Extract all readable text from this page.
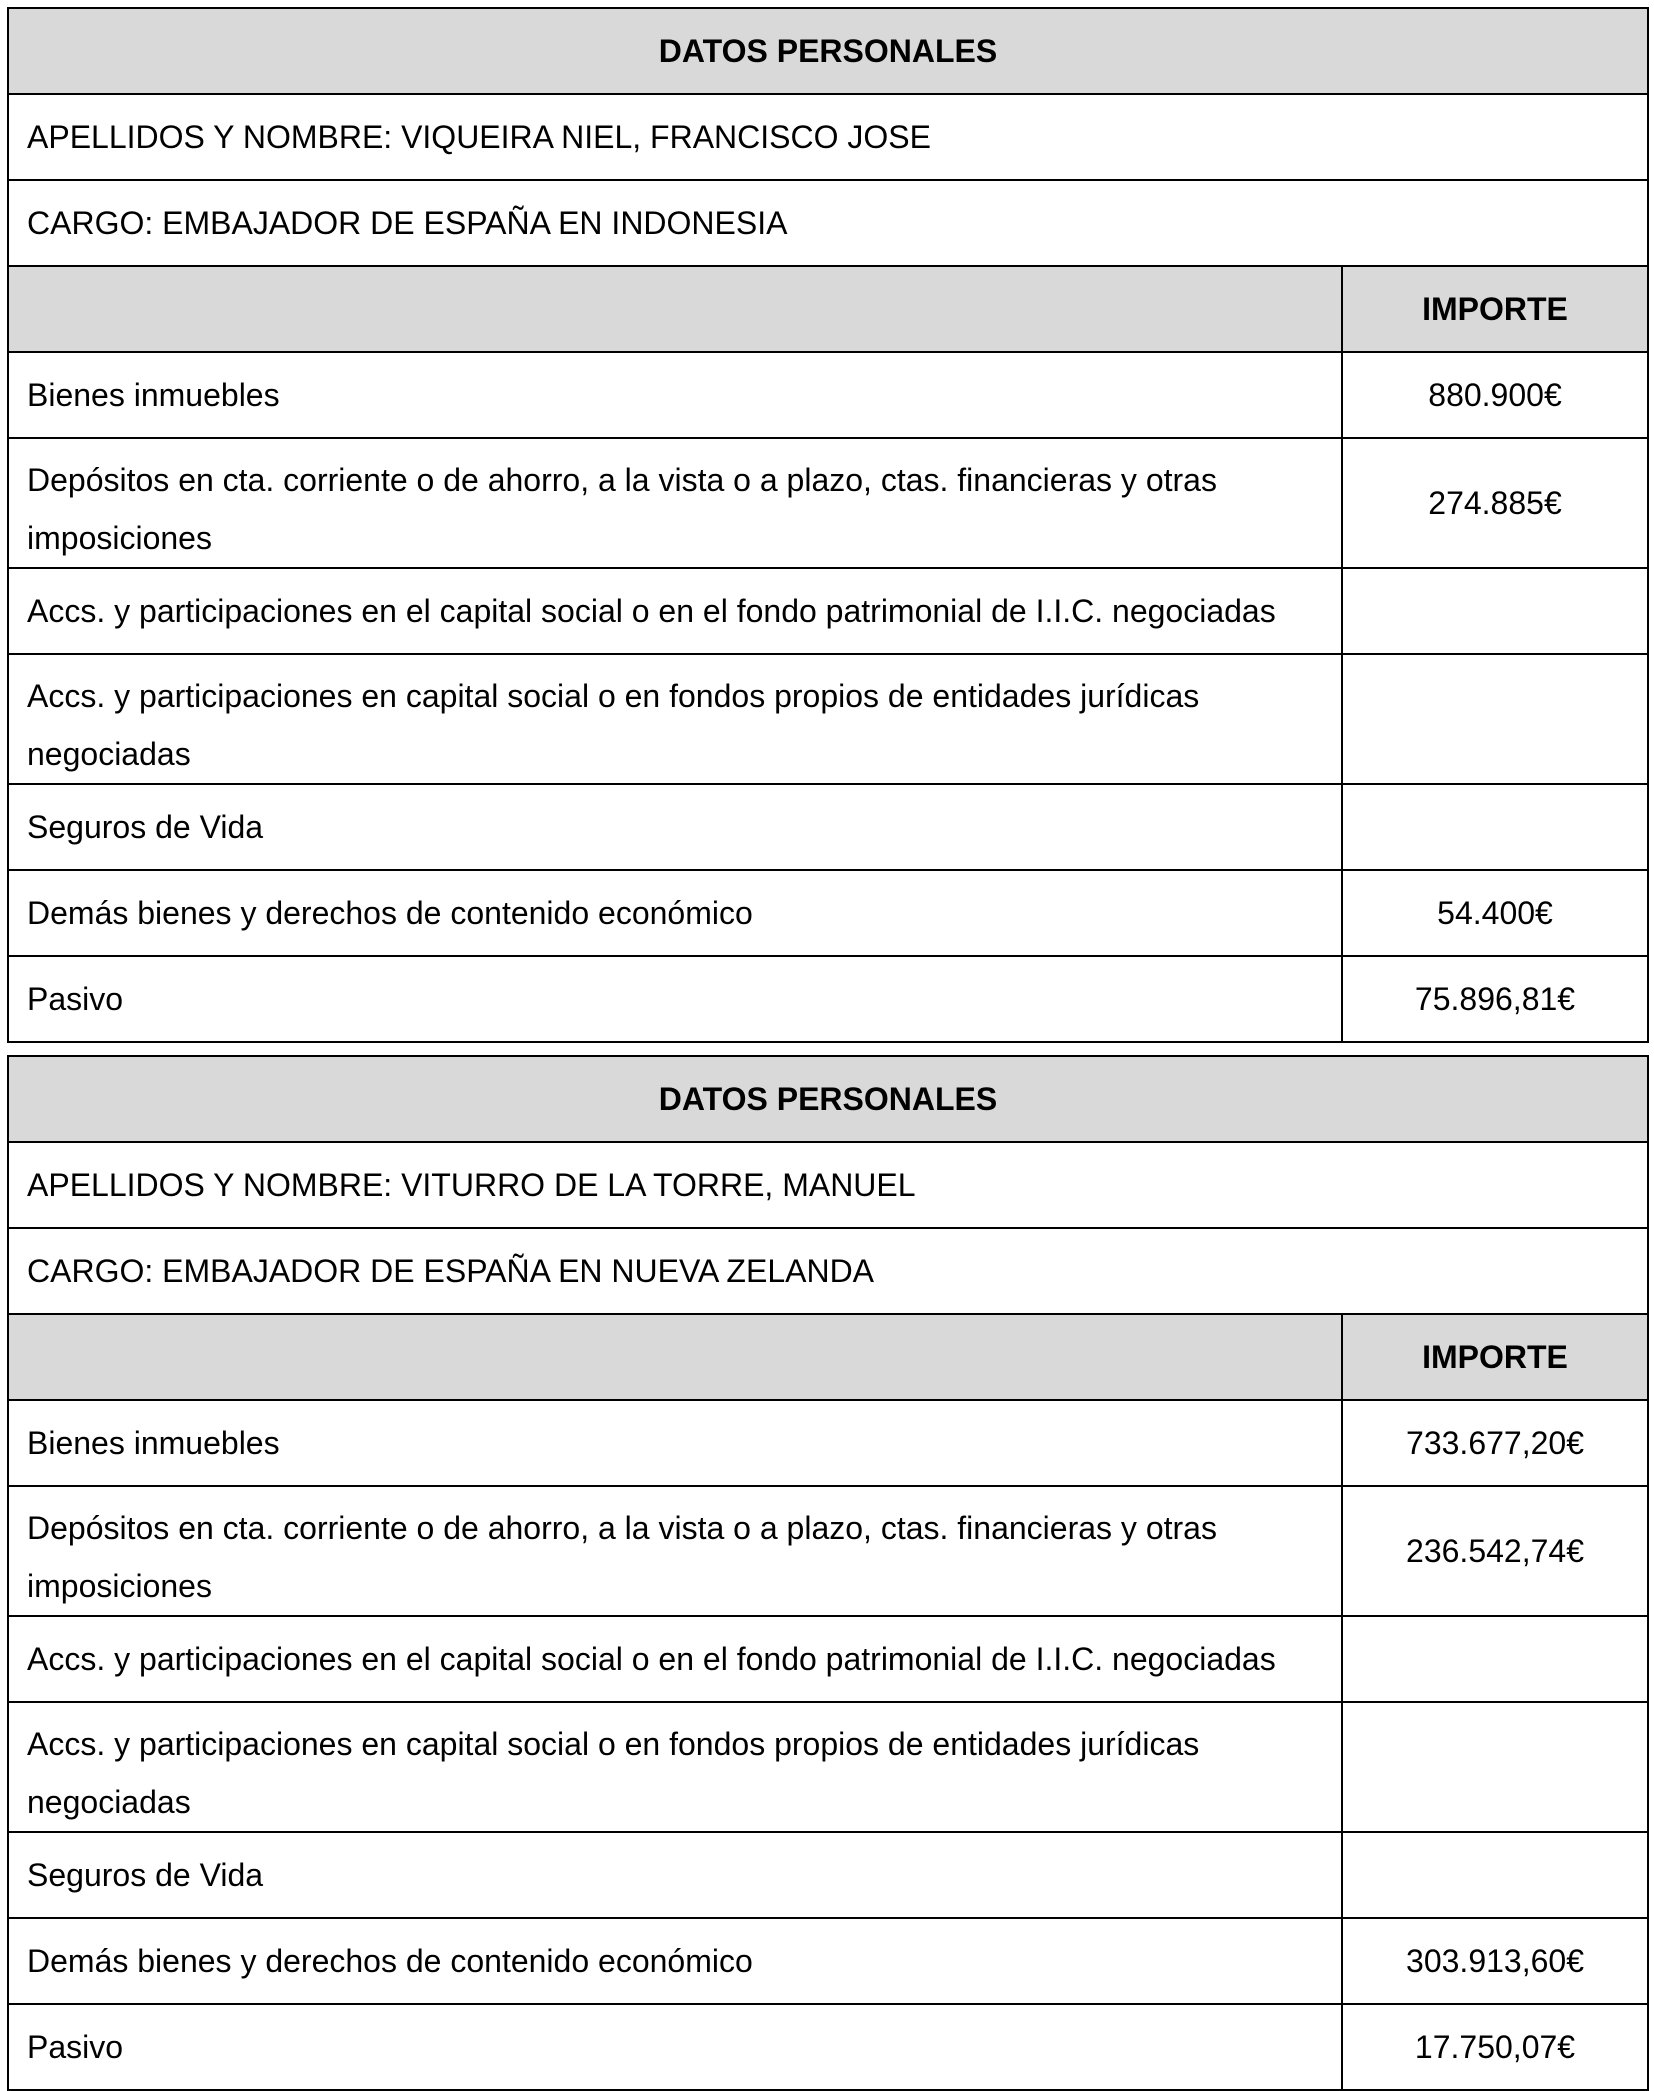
DATOS PERSONALES	
APELLIDOS Y NOMBRE: VIQUEIRA NIEL, FRANCISCO JOSE	
CARGO: EMBAJADOR DE ESPAÑA EN INDONESIA	
	IMPORTE
Bienes inmuebles	880.900€
Depósitos en cta. corriente o de ahorro, a la vista o a plazo, ctas. financieras y otras imposiciones	274.885€
Accs. y participaciones en el capital social o en el fondo patrimonial de I.I.C. negociadas	
Accs. y participaciones en capital social o en fondos propios de entidades jurídicas negociadas	
Seguros de Vida	
Demás bienes y derechos de contenido económico	54.400€
Pasivo	75.896,81€
DATOS PERSONALES	
APELLIDOS Y NOMBRE: VITURRO DE LA TORRE, MANUEL	
CARGO: EMBAJADOR DE ESPAÑA EN NUEVA ZELANDA	
	IMPORTE
Bienes inmuebles	733.677,20€
Depósitos en cta. corriente o de ahorro, a la vista o a plazo, ctas. financieras y otras imposiciones	236.542,74€
Accs. y participaciones en el capital social o en el fondo patrimonial de I.I.C. negociadas	
Accs. y participaciones en capital social o en fondos propios de entidades jurídicas negociadas	
Seguros de Vida	
Demás bienes y derechos de contenido económico	303.913,60€
Pasivo	17.750,07€
